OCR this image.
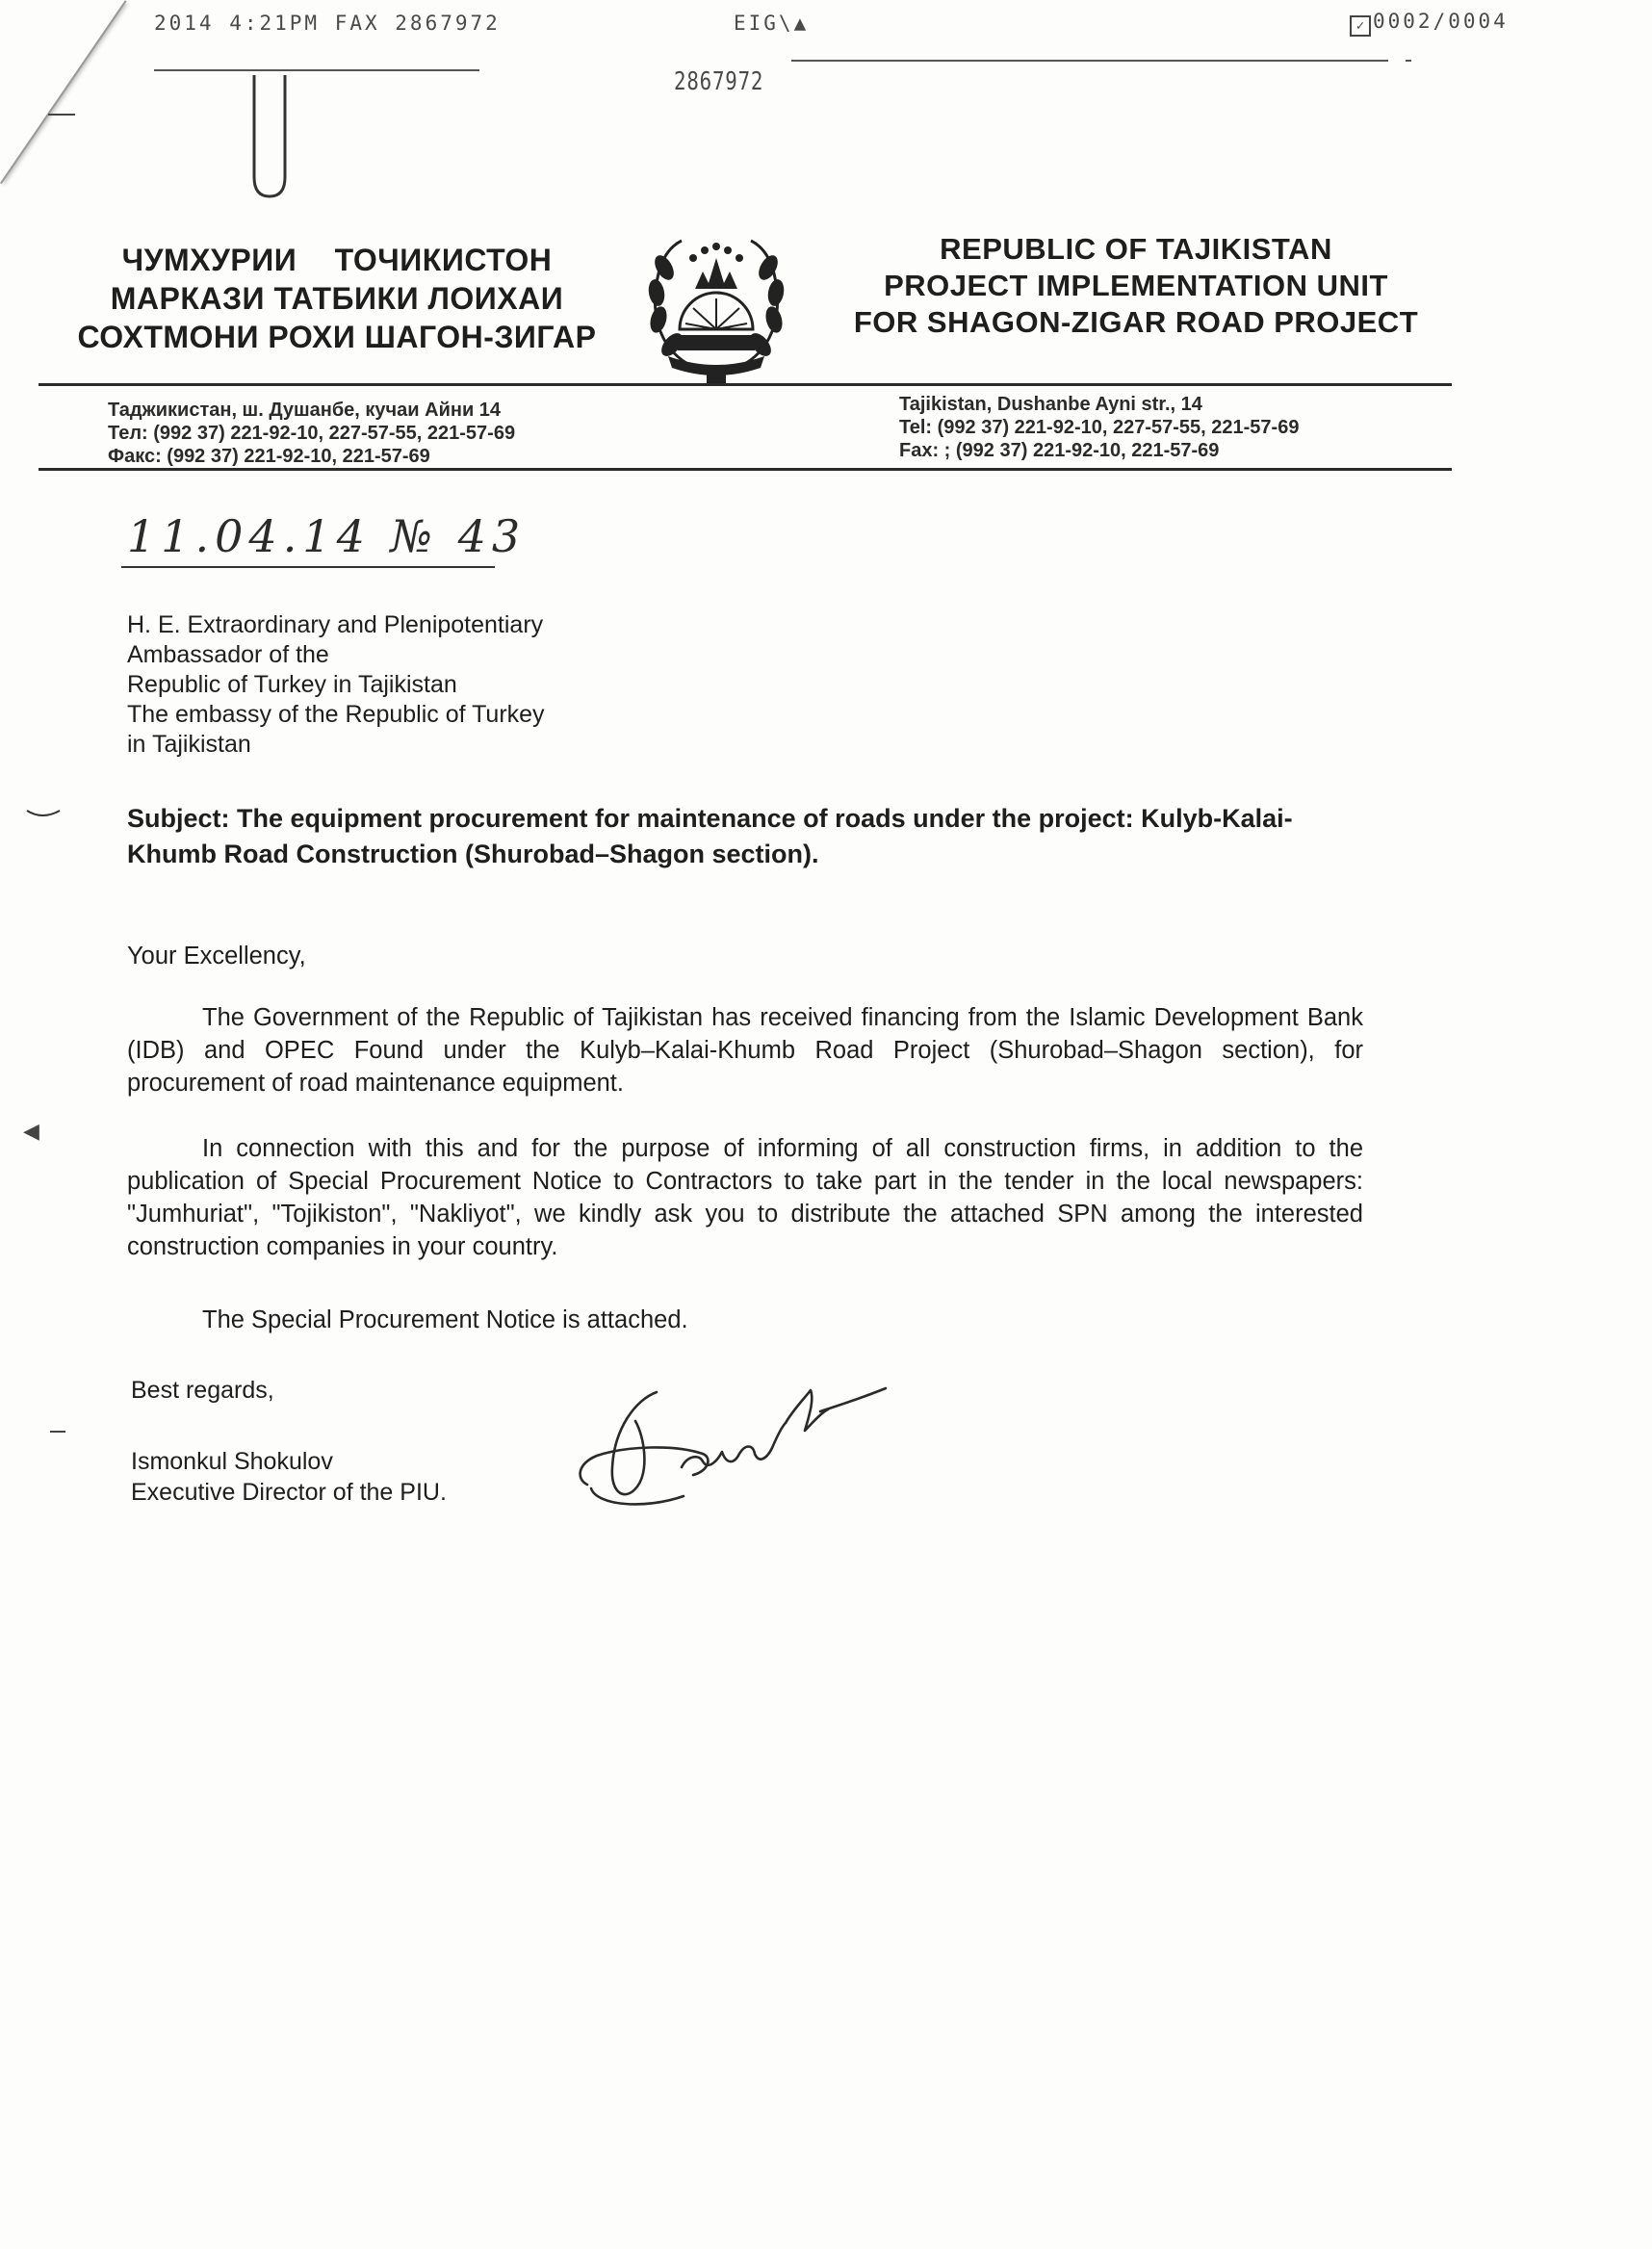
2014 4:21PM FAX 2867972	EIG\▲	✓ 0002/0004
2867972
ЧУМХУРИИ ТОЧИКИСТОН
МАРКАЗИ ТАТБИКИ ЛОИХАИ
СОХТМОНИ РОХИ ШАГОН-ЗИГАР
REPUBLIC OF TAJIKISTAN
PROJECT IMPLEMENTATION UNIT
FOR SHAGON-ZIGAR ROAD PROJECT
Таджикистан, ш. Душанбе, кучаи Айни 14
Тел: (992 37) 221-92-10, 227-57-55, 221-57-69
Факс: (992 37) 221-92-10, 221-57-69
Tajikistan, Dushanbe Ayni str., 14
Tel: (992 37) 221-92-10, 227-57-55, 221-57-69
Fax: ; (992 37) 221-92-10, 221-57-69
11.04.14 № 43
H. E. Extraordinary and Plenipotentiary
Ambassador of the
Republic of Turkey in Tajikistan
The embassy of the Republic of Turkey
in Tajikistan
◀
Subject: The equipment procurement for maintenance of roads under the project: Kulyb-Kalai-Khumb Road Construction (Shurobad–Shagon section).
Your Excellency,
The Government of the Republic of Tajikistan has received financing from the Islamic Development Bank (IDB) and OPEC Found under the Kulyb–Kalai-Khumb Road Project (Shurobad–Shagon section), for procurement of road maintenance equipment.
In connection with this and for the purpose of informing of all construction firms, in addition to the publication of Special Procurement Notice to Contractors to take part in the tender in the local newspapers: "Jumhuriat", "Tojikiston", "Nakliyot", we kindly ask you to distribute the attached SPN among the interested construction companies in your country.
The Special Procurement Notice is attached.
Best regards,
Ismonkul Shokulov
Executive Director of the PIU.
